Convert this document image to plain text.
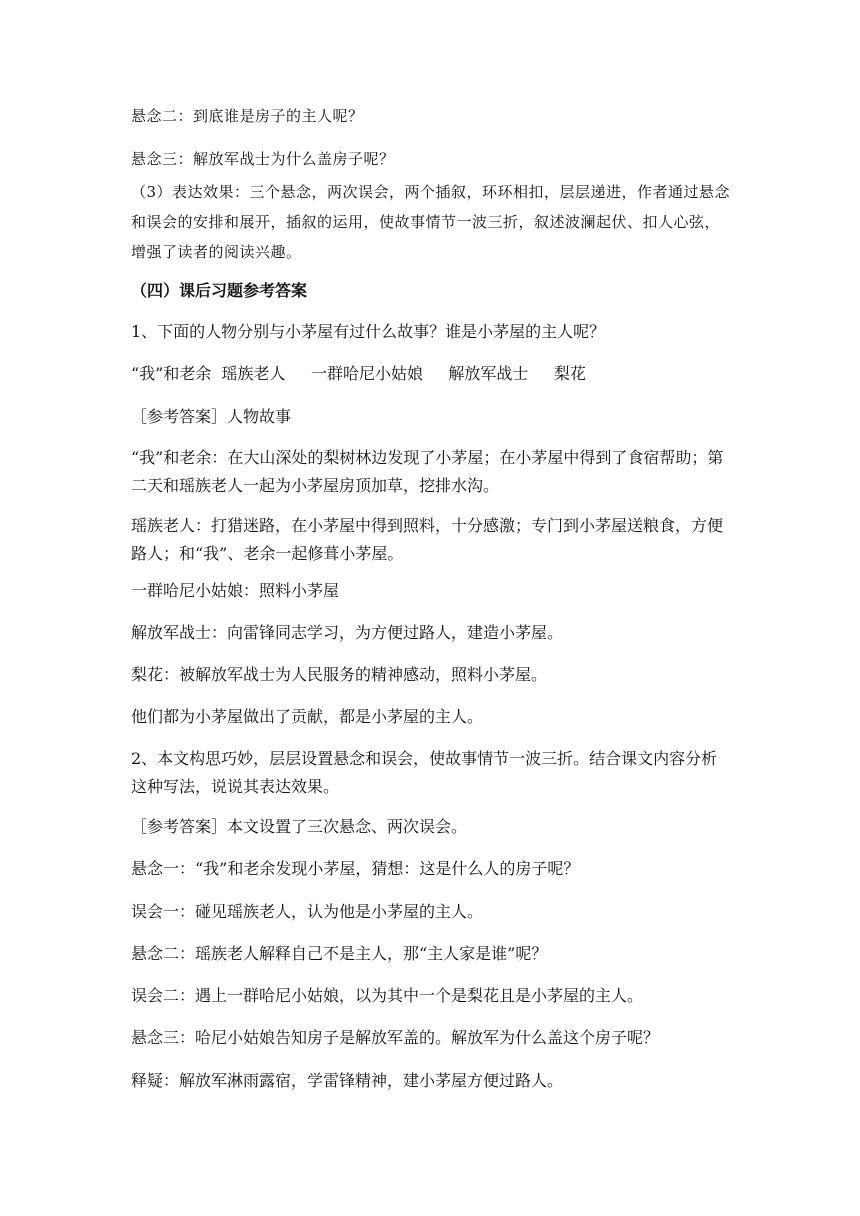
悬念二：到底谁是房子的主人呢？
悬念三：解放军战士为什么盖房子呢？
（3）表达效果：三个悬念，两次误会，两个插叙，环环相扣，层层递进，作者通过悬念和误会的安排和展开，插叙的运用，使故事情节一波三折，叙述波澜起伏、扣人心弦，增强了读者的阅读兴趣。
（四）课后习题参考答案
1、下面的人物分别与小茅屋有过什么故事？谁是小茅屋的主人呢？
“我”和老余  瑶族老人     一群哈尼小姑娘     解放军战士     梨花
［参考答案］人物故事
“我”和老余：在大山深处的梨树林边发现了小茅屋；在小茅屋中得到了食宿帮助；第二天和瑶族老人一起为小茅屋房顶加草，挖排水沟。
瑶族老人：打猎迷路，在小茅屋中得到照料，十分感激；专门到小茅屋送粮食，方便路人；和“我”、老余一起修葺小茅屋。
一群哈尼小姑娘：照料小茅屋
解放军战士：向雷锋同志学习，为方便过路人，建造小茅屋。
梨花：被解放军战士为人民服务的精神感动，照料小茅屋。
他们都为小茅屋做出了贡献，都是小茅屋的主人。
2、本文构思巧妙，层层设置悬念和误会，使故事情节一波三折。结合课文内容分析这种写法，说说其表达效果。
［参考答案］本文设置了三次悬念、两次误会。
悬念一：“我”和老余发现小茅屋，猜想：这是什么人的房子呢？
误会一：碰见瑶族老人，认为他是小茅屋的主人。
悬念二：瑶族老人解释自己不是主人，那“主人家是谁”呢？
误会二：遇上一群哈尼小姑娘，以为其中一个是梨花且是小茅屋的主人。
悬念三：哈尼小姑娘告知房子是解放军盖的。解放军为什么盖这个房子呢？
释疑：解放军淋雨露宿，学雷锋精神，建小茅屋方便过路人。
